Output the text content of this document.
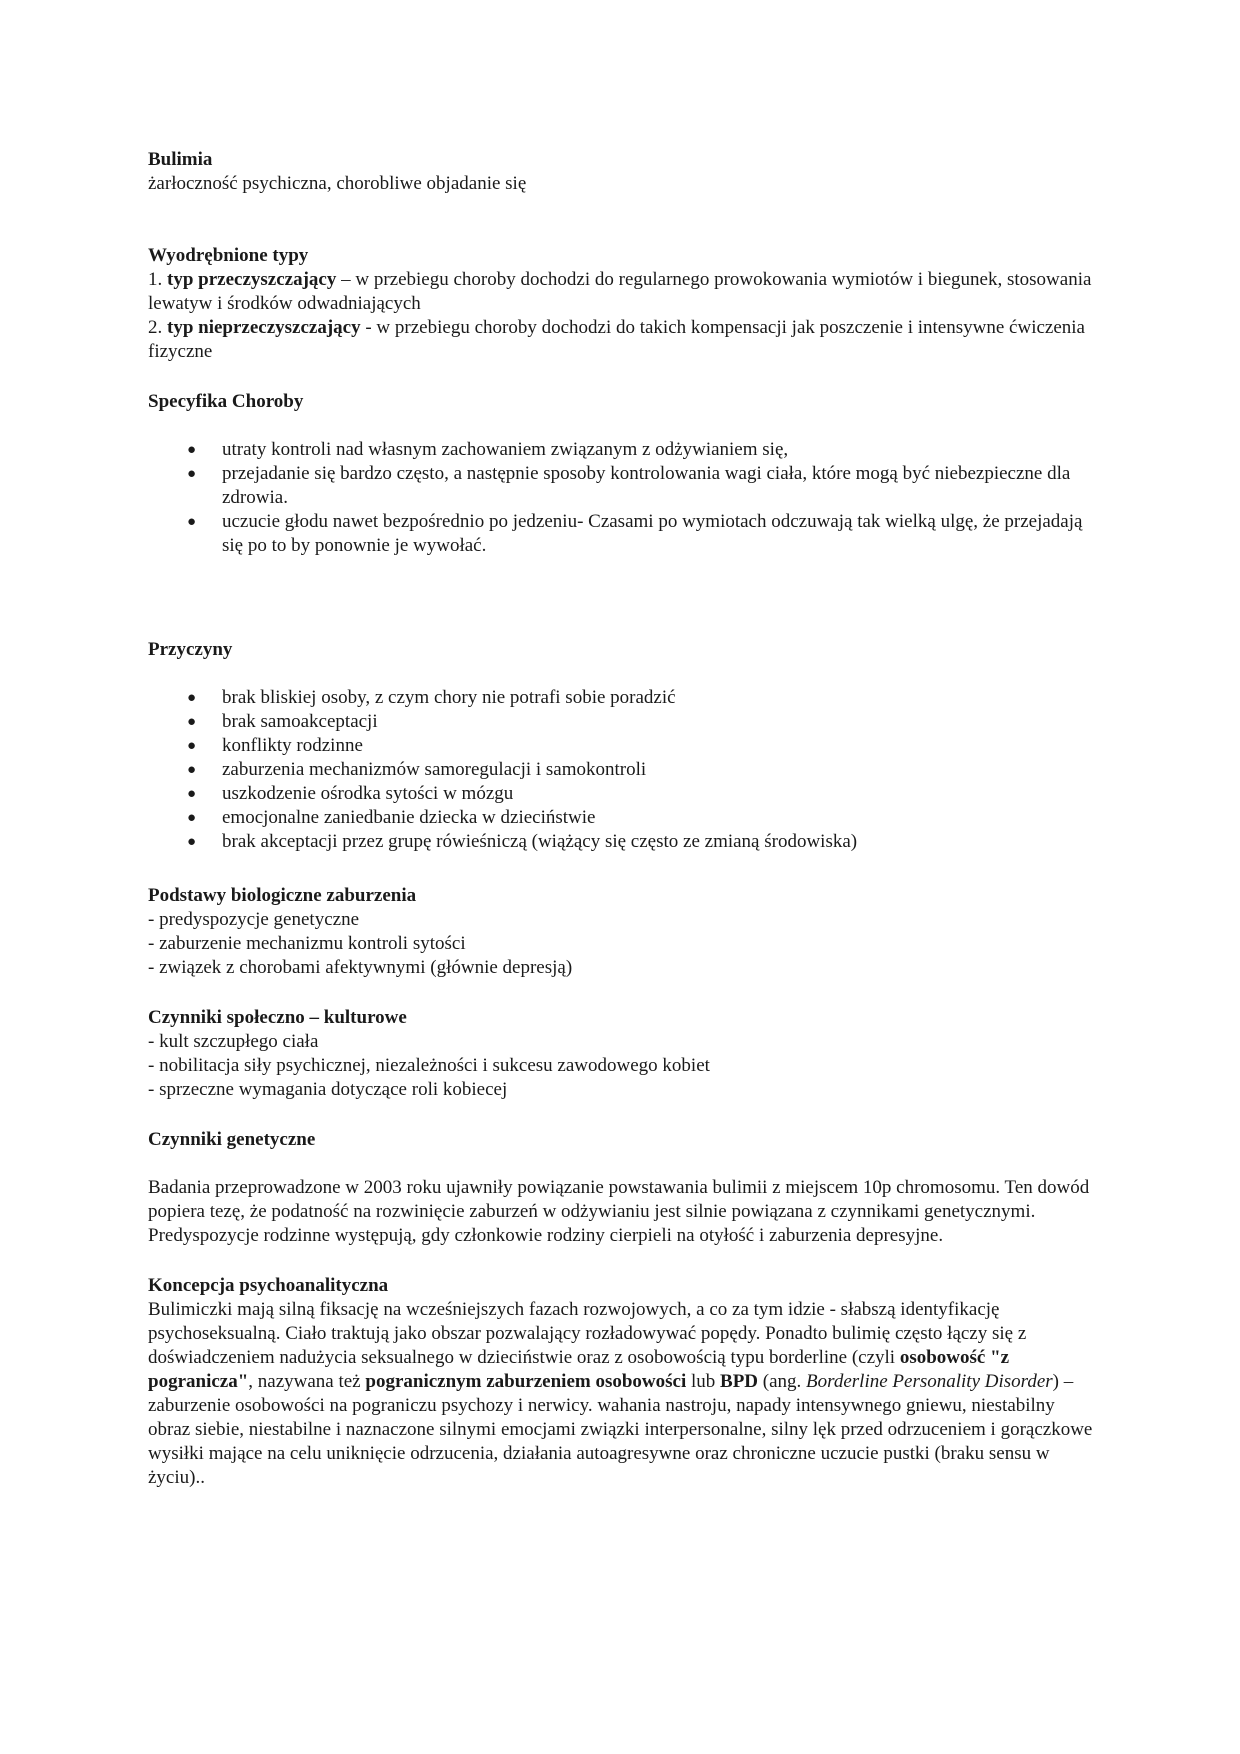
Bulimia

żarłoczność psychiczna, chorobliwe objadanie się

Wyodrębnione typy

1. typ przeczyszczający – w przebiegu choroby dochodzi do regularnego prowokowania wymiotów i biegunek, stosowania lewatyw i środków odwadniających

2. typ nieprzeczyszczający - w przebiegu choroby dochodzi do takich kompensacji jak poszczenie i intensywne ćwiczenia fizyczne

Specyfika Choroby

● utraty kontroli nad własnym zachowaniem związanym z odżywianiem się,
● przejadanie się bardzo często, a następnie sposoby kontrolowania wagi ciała, które mogą być niebezpieczne dla zdrowia.
● uczucie głodu nawet bezpośrednio po jedzeniu- Czasami po wymiotach odczuwają tak wielką ulgę, że przejadają się po to by ponownie je wywołać.

Przyczyny

● brak bliskiej osoby, z czym chory nie potrafi sobie poradzić
● brak samoakceptacji
● konflikty rodzinne
● zaburzenia mechanizmów samoregulacji i samokontroli
● uszkodzenie ośrodka sytości w mózgu
● emocjonalne zaniedbanie dziecka w dzieciństwie
● brak akceptacji przez grupę rówieśniczą (wiążący się często ze zmianą środowiska)

Podstawy biologiczne zaburzenia

- predyspozycje genetyczne

- zaburzenie mechanizmu kontroli sytości

- związek z chorobami afektywnymi (głównie depresją)

Czynniki społeczno – kulturowe

- kult szczupłego ciała

- nobilitacja siły psychicznej, niezależności i sukcesu zawodowego kobiet

- sprzeczne wymagania dotyczące roli kobiecej

Czynniki genetyczne

Badania przeprowadzone w 2003 roku ujawniły powiązanie powstawania bulimii z miejscem 10p chromosomu. Ten dowód popiera tezę, że podatność na rozwinięcie zaburzeń w odżywianiu jest silnie powiązana z czynnikami genetycznymi. Predyspozycje rodzinne występują, gdy członkowie rodziny cierpieli na otyłość i zaburzenia depresyjne.

Koncepcja psychoanalityczna

Bulimiczki mają silną fiksację na wcześniejszych fazach rozwojowych, a co za tym idzie - słabszą identyfikację psychoseksualną. Ciało traktują jako obszar pozwalający rozładowywać popędy. Ponadto bulimię często łączy się z doświadczeniem nadużycia seksualnego w dzieciństwie oraz z osobowością typu borderline (czyli osobowość "z pogranicza", nazywana też pogranicznym zaburzeniem osobowości lub BPD (ang. Borderline Personality Disorder) – zaburzenie osobowości na pograniczu psychozy i nerwicy. wahania nastroju, napady intensywnego gniewu, niestabilny obraz siebie, niestabilne i naznaczone silnymi emocjami związki interpersonalne, silny lęk przed odrzuceniem i gorączkowe wysiłki mające na celu uniknięcie odrzucenia, działania autoagresywne oraz chroniczne uczucie pustki (braku sensu w życiu)..
